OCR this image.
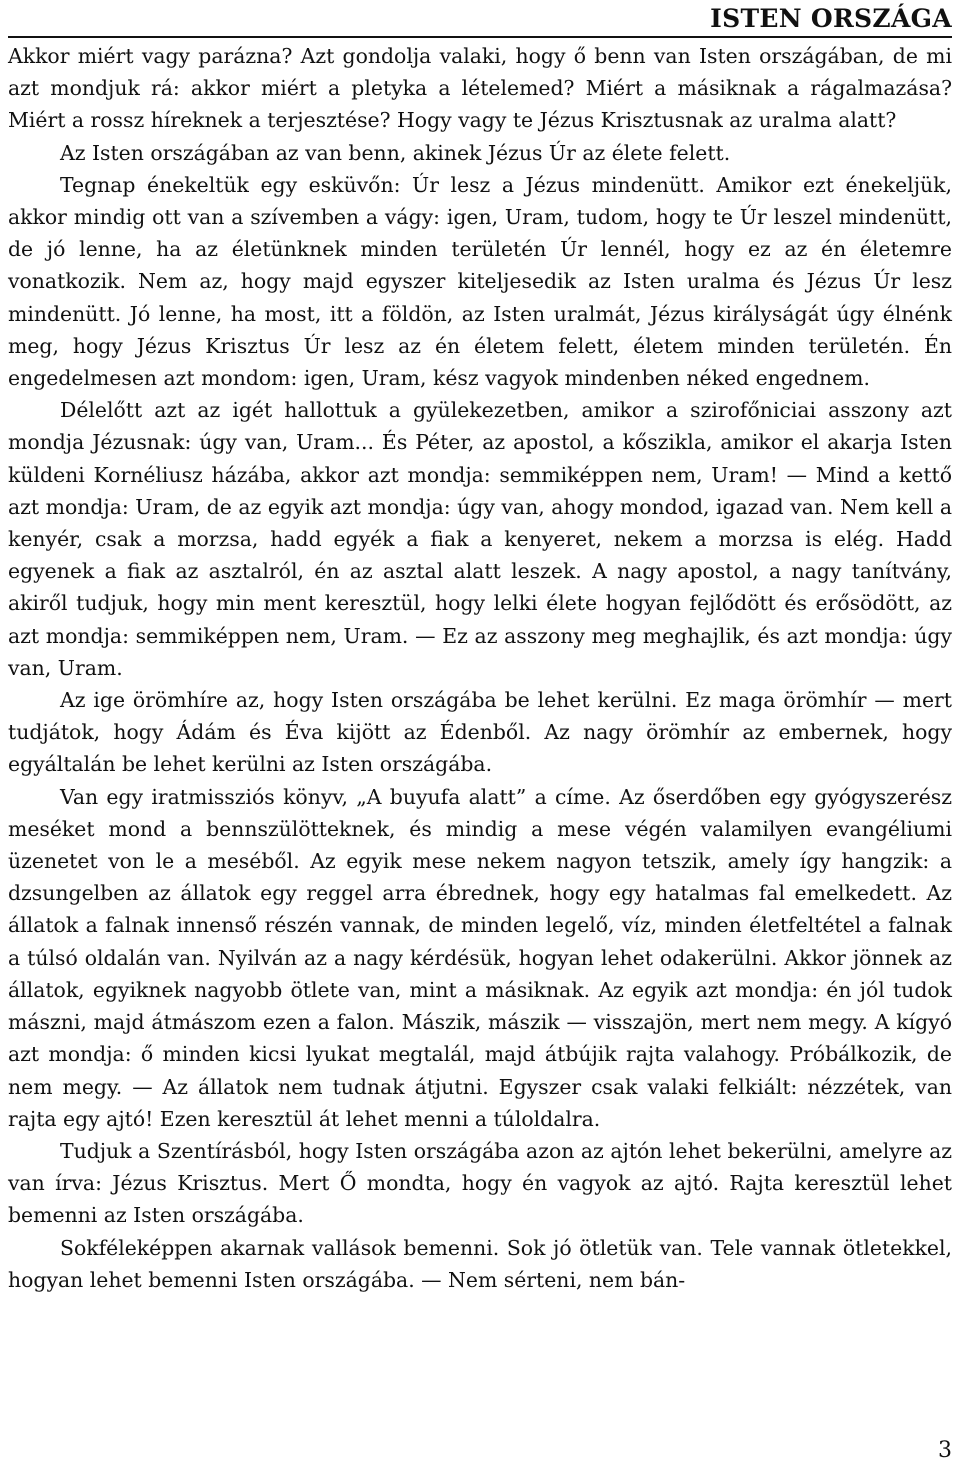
ISTEN ORSZÁGA

Akkor miért vagy parázna? Azt gondolja valaki, hogy ő benn van Isten országában, de mi azt mondjuk rá: akkor miért a pletyka a lételemed? Miért a másiknak a rágalmazása? Miért a rossz híreknek a terjesztése? Hogy vagy te Jézus Krisztusnak az uralma alatt?

Az Isten országában az van benn, akinek Jézus Úr az élete felett.

Tegnap énekeltük egy esküvőn: Úr lesz a Jézus mindenütt. Amikor ezt énekeljük, akkor mindig ott van a szívemben a vágy: igen, Uram, tudom, hogy te Úr leszel mindenütt, de jó lenne, ha az életünknek minden területén Úr lennél, hogy ez az én életemre vonatkozik. Nem az, hogy majd egyszer kiteljesedik az Isten uralma és Jézus Úr lesz mindenütt. Jó lenne, ha most, itt a földön, az Isten uralmát, Jézus királyságát úgy élnénk meg, hogy Jézus Krisztus Úr lesz az én életem felett, életem minden területén. Én engedelmesen azt mondom: igen, Uram, kész vagyok mindenben néked engednem.

Délelőtt azt az igét hallottuk a gyülekezetben, amikor a szirofőniciai asszony azt mondja Jézusnak: úgy van, Uram... És Péter, az apostol, a kőszikla, amikor el akarja Isten küldeni Kornéliusz házába, akkor azt mondja: semmiképpen nem, Uram! — Mind a kettő azt mondja: Uram, de az egyik azt mondja: úgy van, ahogy mondod, igazad van. Nem kell a kenyér, csak a morzsa, hadd egyék a fiak a kenyeret, nekem a morzsa is elég. Hadd egyenek a fiak az asztalról, én az asztal alatt leszek. A nagy apostol, a nagy tanítvány, akiről tudjuk, hogy min ment keresztül, hogy lelki élete hogyan fejlődött és erősödött, az azt mondja: semmiképpen nem, Uram. — Ez az asszony meg meghajlik, és azt mondja: úgy van, Uram.

Az ige örömhíre az, hogy Isten országába be lehet kerülni. Ez maga örömhír — mert tudjátok, hogy Ádám és Éva kijött az Édenből. Az nagy örömhír az embernek, hogy egyáltalán be lehet kerülni az Isten országába.

Van egy iratmissziós könyv, „A buyufa alatt” a címe. Az őserdőben egy gyógyszerész meséket mond a bennszülötteknek, és mindig a mese végén valamilyen evangéliumi üzenetet von le a meséből. Az egyik mese nekem nagyon tetszik, amely így hangzik: a dzsungelben az állatok egy reggel arra ébrednek, hogy egy hatalmas fal emelkedett. Az állatok a falnak innenső részén vannak, de minden legelő, víz, minden életfeltétel a falnak a túlsó oldalán van. Nyilván az a nagy kérdésük, hogyan lehet odakerülni. Akkor jönnek az állatok, egyiknek nagyobb ötlete van, mint a másiknak. Az egyik azt mondja: én jól tudok mászni, majd átmászom ezen a falon. Mászik, mászik — visszajön, mert nem megy. A kígyó azt mondja: ő minden kicsi lyukat megtalál, majd átbújik rajta valahogy. Próbálkozik, de nem megy. — Az állatok nem tudnak átjutni. Egyszer csak valaki felkiált: nézzétek, van rajta egy ajtó! Ezen keresztül át lehet menni a túloldalra.

Tudjuk a Szentírásból, hogy Isten országába azon az ajtón lehet bekerülni, amelyre az van írva: Jézus Krisztus. Mert Ő mondta, hogy én vagyok az ajtó. Rajta keresztül lehet bemenni az Isten országába.

Sokféleképpen akarnak vallások bemenni. Sok jó ötletük van. Tele vannak ötletekkel, hogyan lehet bemenni Isten országába. — Nem sérteni, nem bán-

3
